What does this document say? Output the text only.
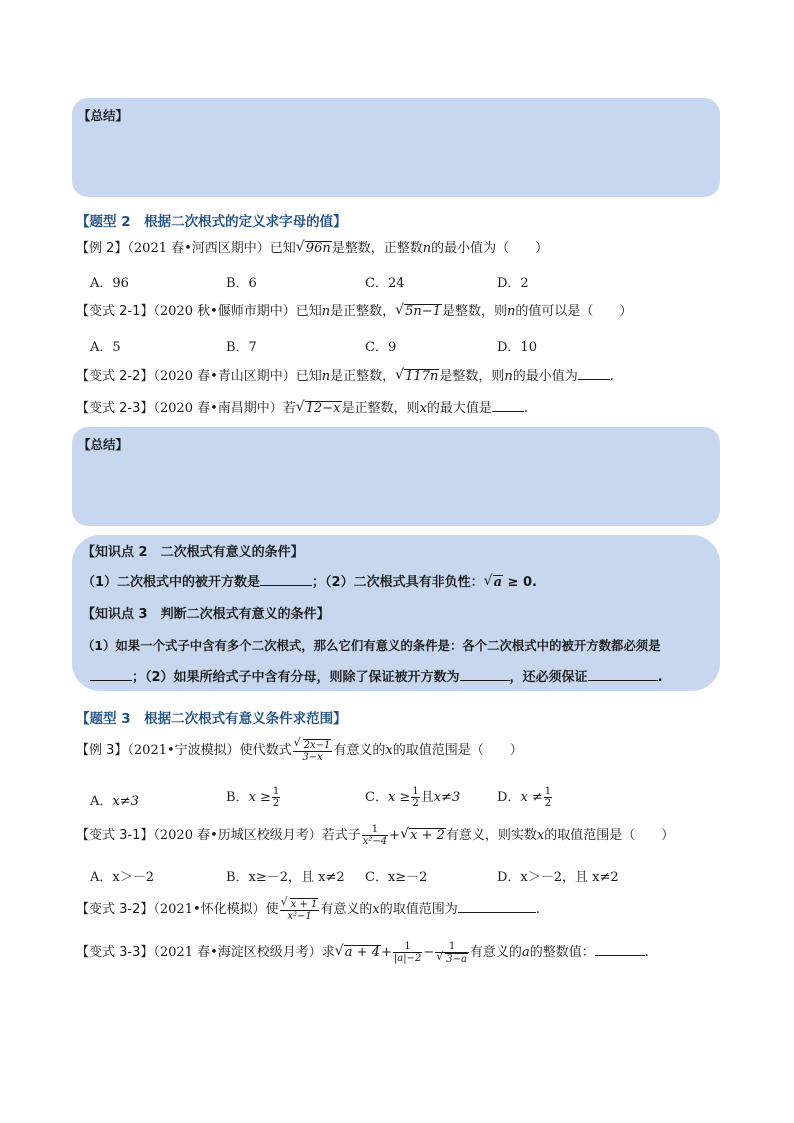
【总结】
【题型 2　根据二次根式的定义求字母的值】
【例 2】（2021 春•河西区期中）已知 √ 96n是整数，正整数n的最小值为（　　）
A．96	B．6	C．24	D．2
【变式 2-1】（2020 秋•偃师市期中）已知n是正整数， √ 5n−1是整数，则n的值可以是（　　）
A．5	B．7	C．9	D．10
【变式 2-2】（2020 春•青山区期中）已知n是正整数， √ 117n是整数，则n的最小值为 .
【变式 2-3】（2020 春•南昌期中）若 √ 12−x是正整数，则x的最大值是 .
【总结】
【知识点 2　二次根式有意义的条件】
（1）二次根式中的被开方数是	；（2）二次根式具有非负性： √ a ≥ 0.
【知识点 3　判断二次根式有意义的条件】
（1）如果一个式子中含有多个二次根式，那么它们有意义的条件是：各个二次根式中的被开方数都必须是
；（2）如果所给式子中含有分母，则除了保证被开方数为	，还必须保证	.
【题型 3　根据二次根式有意义条件求范围】
【例 3】（2021•宁波模拟）使代数式 $\frac{√ 2x-1}{3-x}$ 有意义的x的取值范围是（　　）
A．x≠3	B．$x \ge \frac{1}{2}$	C．$x \ge \frac{1}{2}$ 且x≠3	D．$x \ne \frac{1}{2}$
【变式 3-1】（2020 春•历城区校级月考）若式子 $\frac{1}{\text{x²−4}}$ + √ x + 2有意义，则实数x的取值范围是（　　）
A．x＞－2	B．x≥－2，且 x≠2 C．x≥－2	D．x＞－2，且 x≠2
【变式 3-2】（2021•怀化模拟）使 $\frac{√ x + 1}{\text{x²−1}}$ 有意义的x的取值范围为	.
【变式 3-3】（2021 春•海淀区校级月考）求 √ $a + 4+ \frac{1}{|a|-2} - \frac{1}{√ 3-a}$ 有意义的a的整数值：	.
